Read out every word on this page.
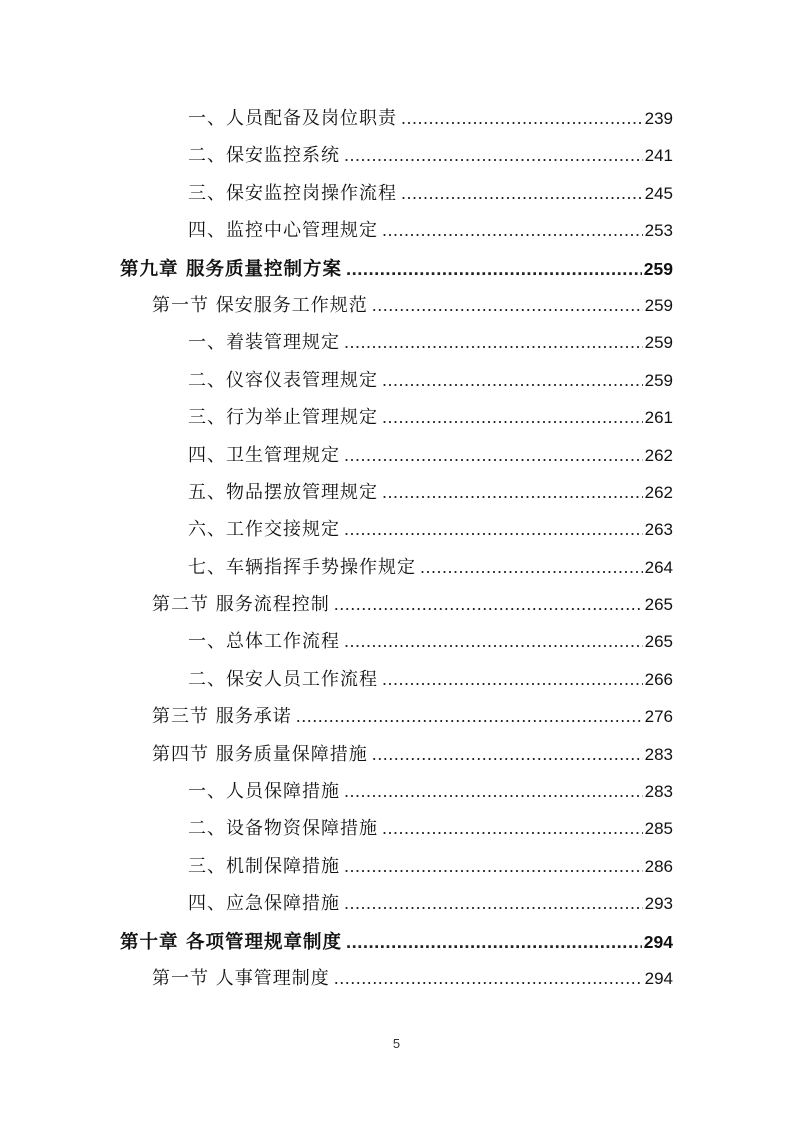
一、人员配备及岗位职责 .....	239
二、保安监控系统 .....	241
三、保安监控岗操作流程 .....	245
四、监控中心管理规定 .....	253
第九章 服务质量控制方案 .....	259
第一节 保安服务工作规范 .....	259
一、着装管理规定 .....	259
二、仪容仪表管理规定 .....	259
三、行为举止管理规定 .....	261
四、卫生管理规定 .....	262
五、物品摆放管理规定 .....	262
六、工作交接规定 .....	263
七、车辆指挥手势操作规定 .....	264
第二节 服务流程控制 .....	265
一、总体工作流程 .....	265
二、保安人员工作流程 .....	266
第三节 服务承诺 .....	276
第四节 服务质量保障措施 .....	283
一、人员保障措施 .....	283
二、设备物资保障措施 .....	285
三、机制保障措施 .....	286
四、应急保障措施 .....	293
第十章 各项管理规章制度 .....	294
第一节 人事管理制度 .....	294
5
